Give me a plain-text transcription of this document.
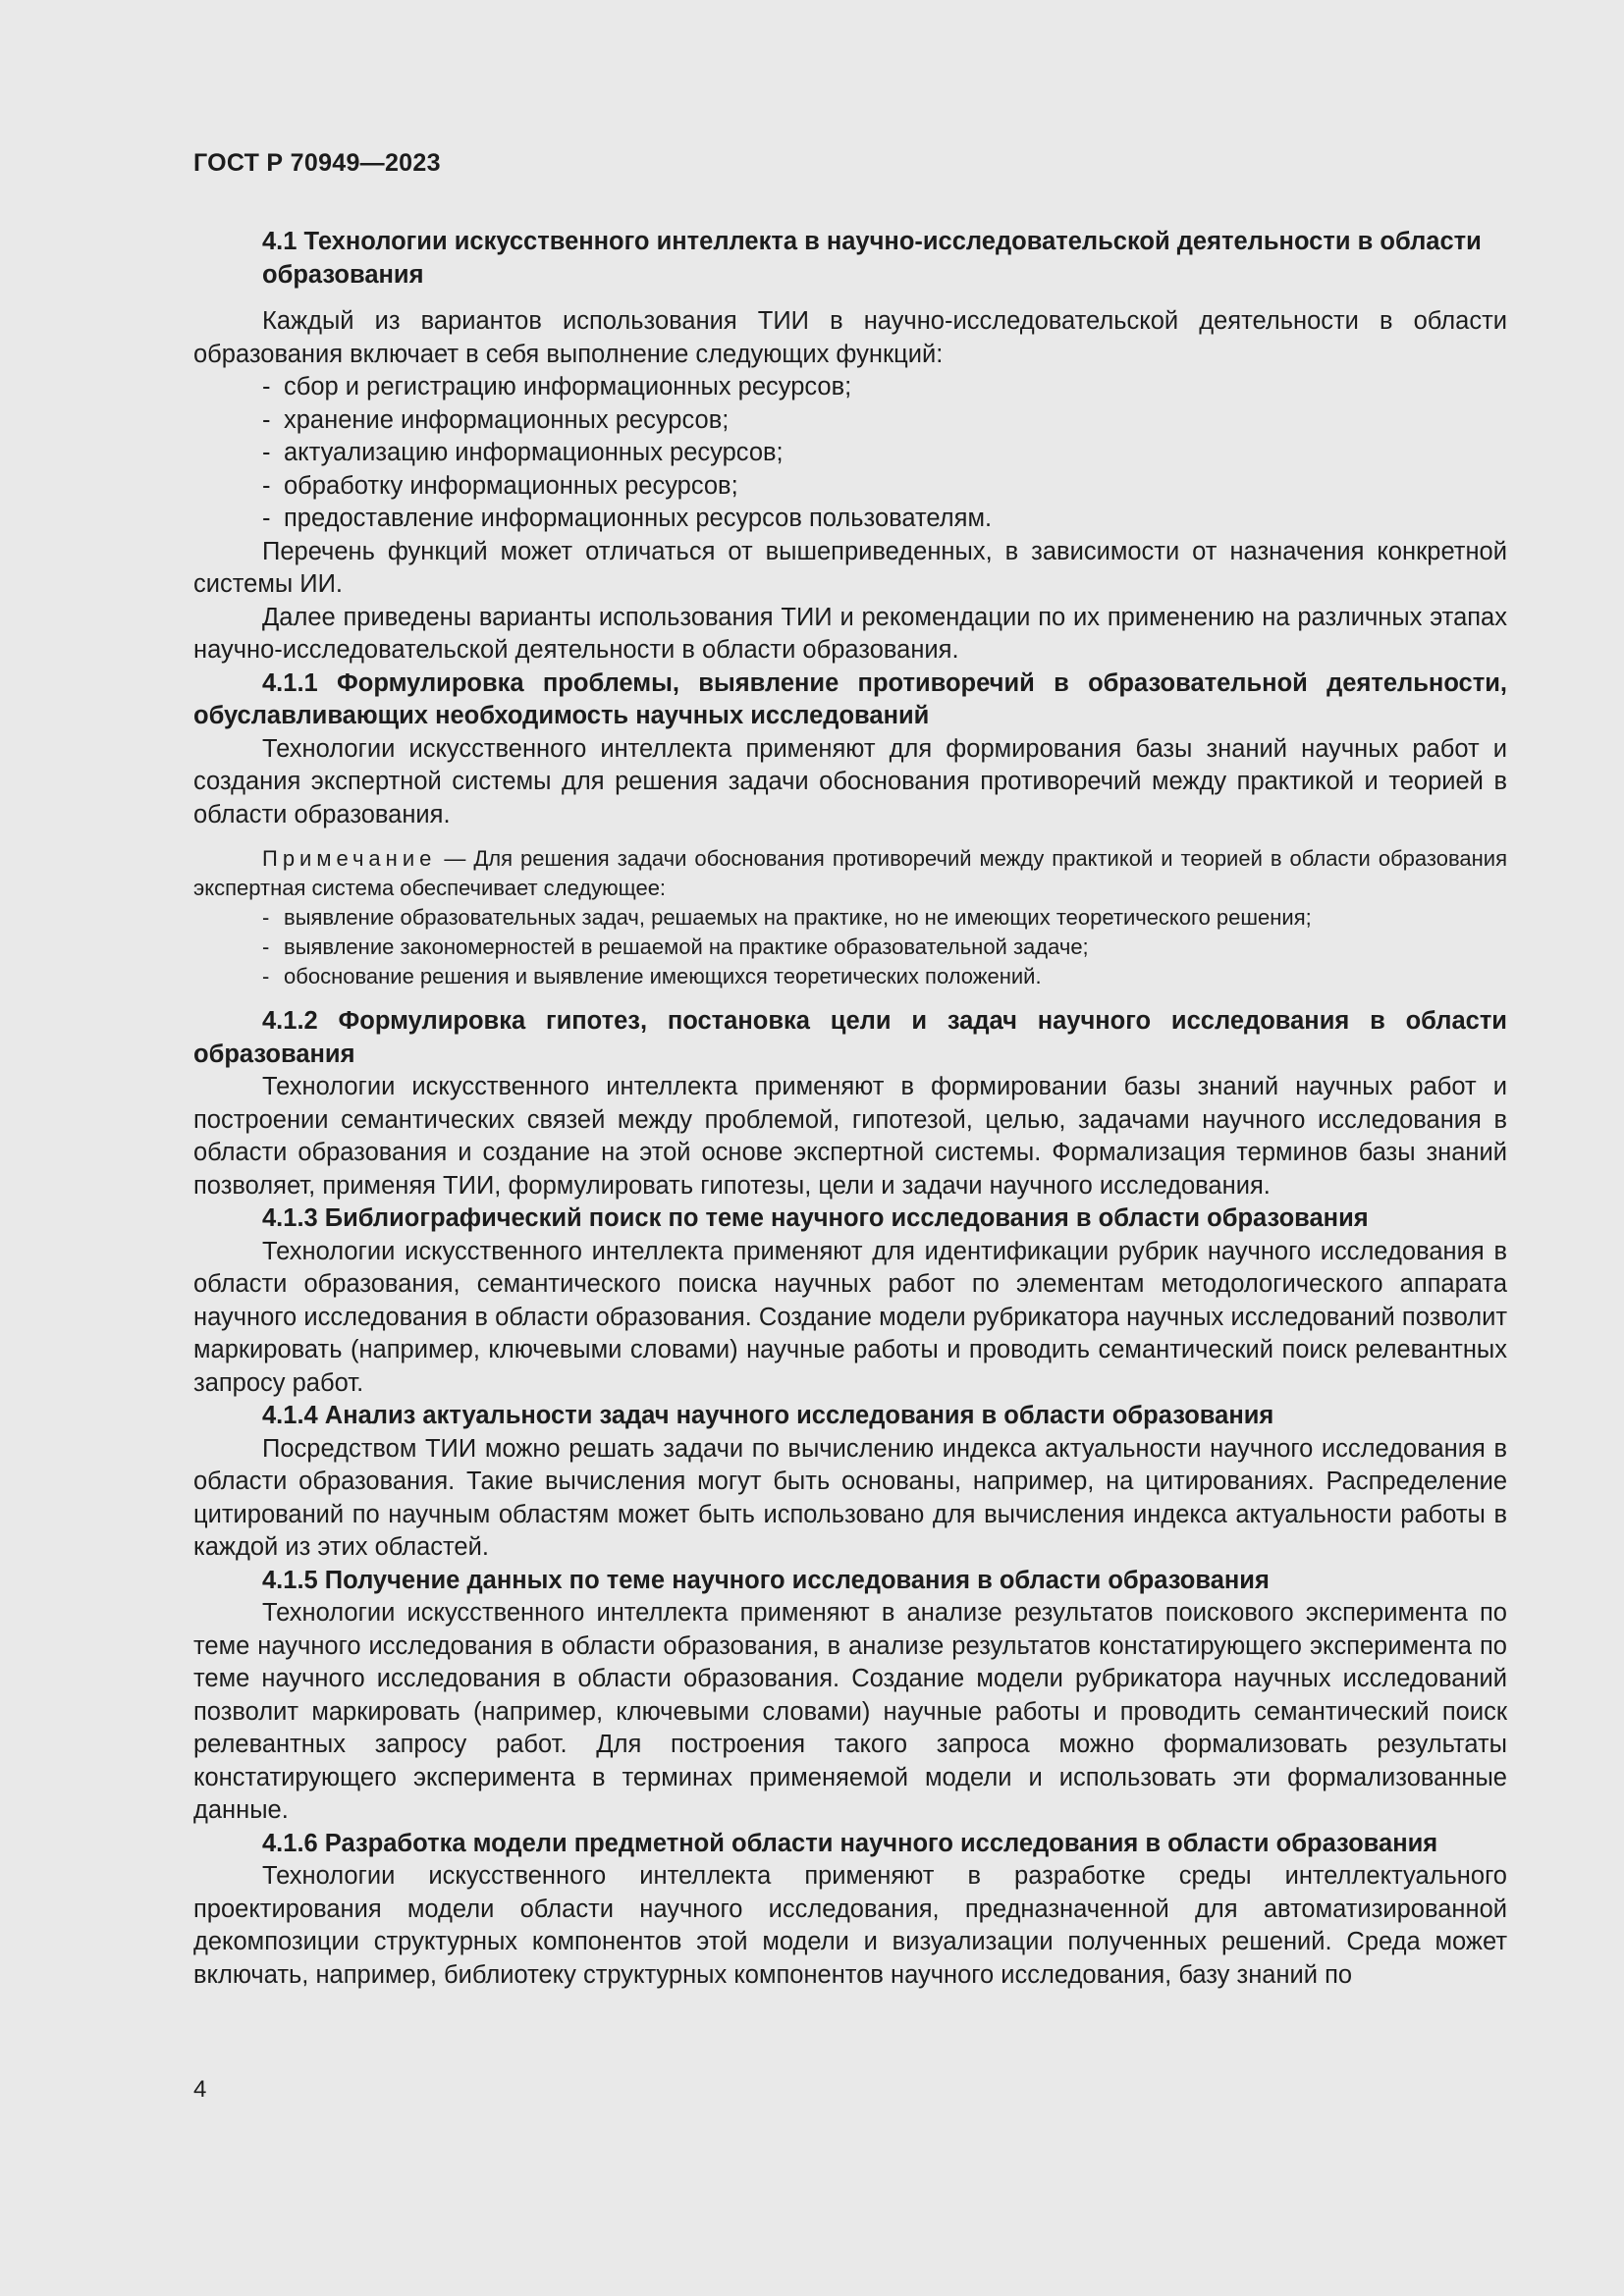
ГОСТ Р 70949—2023

4.1 Технологии искусственного интеллекта в научно-исследовательской деятельности в области образования

Каждый из вариантов использования ТИИ в научно-исследовательской деятельности в области образования включает в себя выполнение следующих функций:

- сбор и регистрацию информационных ресурсов;
- хранение информационных ресурсов;
- актуализацию информационных ресурсов;
- обработку информационных ресурсов;
- предоставление информационных ресурсов пользователям.

Перечень функций может отличаться от вышеприведенных, в зависимости от назначения конкретной системы ИИ.

Далее приведены варианты использования ТИИ и рекомендации по их применению на различных этапах научно-исследовательской деятельности в области образования.

4.1.1 Формулировка проблемы, выявление противоречий в образовательной деятельности, обуславливающих необходимость научных исследований

Технологии искусственного интеллекта применяют для формирования базы знаний научных работ и создания экспертной системы для решения задачи обоснования противоречий между практикой и теорией в области образования.

Примечание — Для решения задачи обоснования противоречий между практикой и теорией в области образования экспертная система обеспечивает следующее:

- выявление образовательных задач, решаемых на практике, но не имеющих теоретического решения;
- выявление закономерностей в решаемой на практике образовательной задаче;
- обоснование решения и выявление имеющихся теоретических положений.

4.1.2 Формулировка гипотез, постановка цели и задач научного исследования в области образования

Технологии искусственного интеллекта применяют в формировании базы знаний научных работ и построении семантических связей между проблемой, гипотезой, целью, задачами научного исследования в области образования и создание на этой основе экспертной системы. Формализация терминов базы знаний позволяет, применяя ТИИ, формулировать гипотезы, цели и задачи научного исследования.

4.1.3 Библиографический поиск по теме научного исследования в области образования

Технологии искусственного интеллекта применяют для идентификации рубрик научного исследования в области образования, семантического поиска научных работ по элементам методологического аппарата научного исследования в области образования. Создание модели рубрикатора научных исследований позволит маркировать (например, ключевыми словами) научные работы и проводить семантический поиск релевантных запросу работ.

4.1.4 Анализ актуальности задач научного исследования в области образования

Посредством ТИИ можно решать задачи по вычислению индекса актуальности научного исследования в области образования. Такие вычисления могут быть основаны, например, на цитированиях. Распределение цитирований по научным областям может быть использовано для вычисления индекса актуальности работы в каждой из этих областей.

4.1.5 Получение данных по теме научного исследования в области образования

Технологии искусственного интеллекта применяют в анализе результатов поискового эксперимента по теме научного исследования в области образования, в анализе результатов констатирующего эксперимента по теме научного исследования в области образования. Создание модели рубрикатора научных исследований позволит маркировать (например, ключевыми словами) научные работы и проводить семантический поиск релевантных запросу работ. Для построения такого запроса можно формализовать результаты констатирующего эксперимента в терминах применяемой модели и использовать эти формализованные данные.

4.1.6 Разработка модели предметной области научного исследования в области образования

Технологии искусственного интеллекта применяют в разработке среды интеллектуального проектирования модели области научного исследования, предназначенной для автоматизированной декомпозиции структурных компонентов этой модели и визуализации полученных решений. Среда может включать, например, библиотеку структурных компонентов научного исследования, базу знаний по

4
